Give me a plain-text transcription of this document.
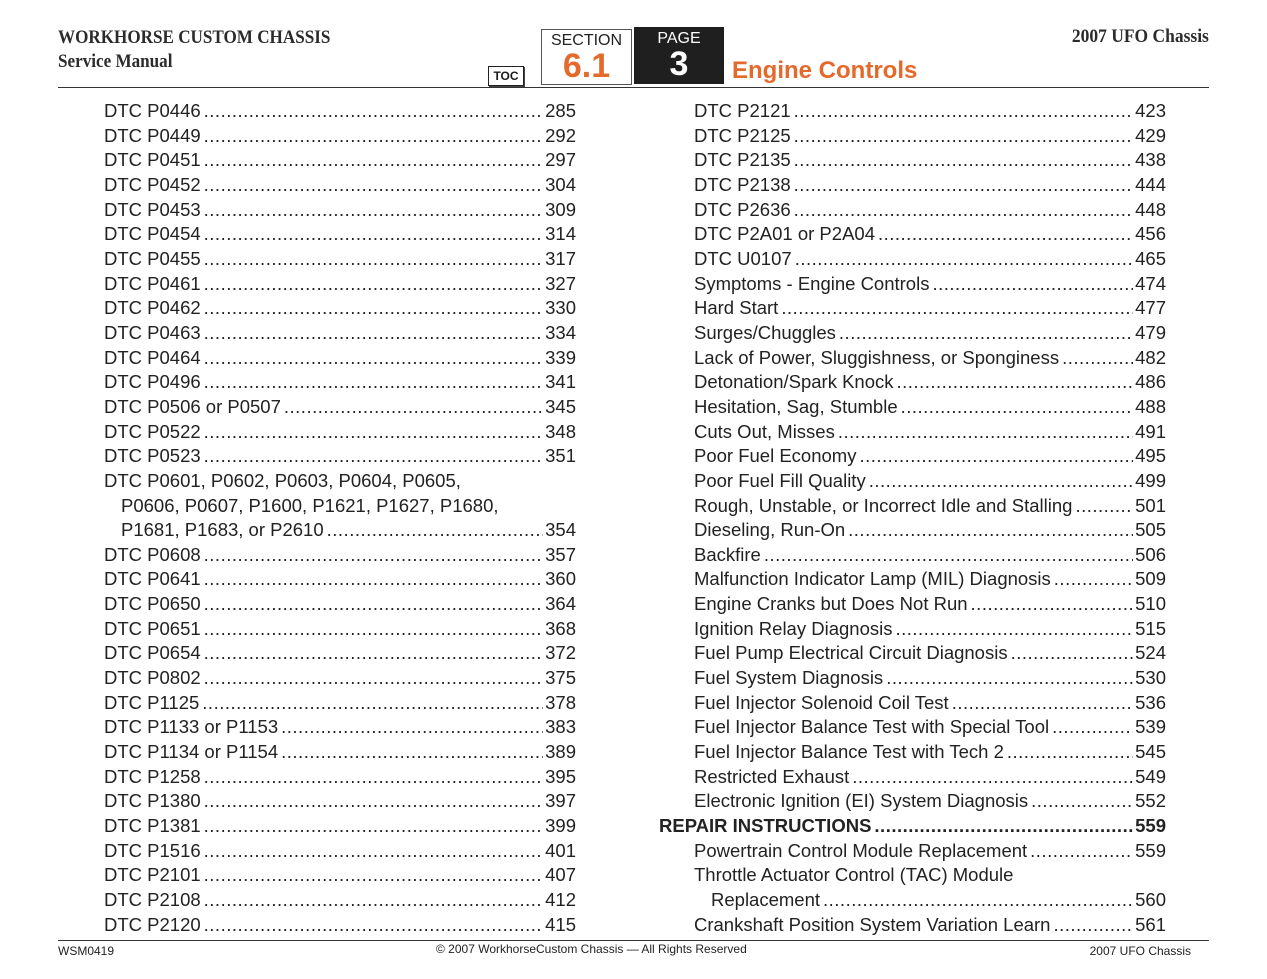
WORKHORSE CUSTOM CHASSIS
Service Manual
2007 UFO Chassis
TOC
SECTION
6.1
PAGE
3	Engine Controls
DTC P0446 .....	285
DTC P0449 .....	292
DTC P0451 .....	297
DTC P0452 .....	304
DTC P0453 .....	309
DTC P0454 .....	314
DTC P0455 .....	317
DTC P0461 .....	327
DTC P0462 .....	330
DTC P0463 .....	334
DTC P0464 .....	339
DTC P0496 .....	341
DTC P0506 or P0507 .....	345
DTC P0522 .....	348
DTC P0523 .....	351
DTC P0601, P0602, P0603, P0604, P0605,
P0606, P0607, P1600, P1621, P1627, P1680,
P1681, P1683, or P2610 .....	354
DTC P0608 .....	357
DTC P0641 .....	360
DTC P0650 .....	364
DTC P0651 .....	368
DTC P0654 .....	372
DTC P0802 .....	375
DTC P1125 .....	378
DTC P1133 or P1153 .....	383
DTC P1134 or P1154 .....	389
DTC P1258 .....	395
DTC P1380 .....	397
DTC P1381 .....	399
DTC P1516 .....	401
DTC P2101 .....	407
DTC P2108 .....	412
DTC P2120 .....	415
DTC P2121 .....	423
DTC P2125 .....	429
DTC P2135 .....	438
DTC P2138 .....	444
DTC P2636 .....	448
DTC P2A01 or P2A04 .....	456
DTC U0107 .....	465
Symptoms - Engine Controls .....	474
Hard Start .....	477
Surges/Chuggles .....	479
Lack of Power, Sluggishness, or Sponginess .....	482
Detonation/Spark Knock .....	486
Hesitation, Sag, Stumble .....	488
Cuts Out, Misses .....	491
Poor Fuel Economy .....	495
Poor Fuel Fill Quality .....	499
Rough, Unstable, or Incorrect Idle and Stalling .....	501
Dieseling, Run-On .....	505
Backfire .....	506
Malfunction Indicator Lamp (MIL) Diagnosis .....	509
Engine Cranks but Does Not Run .....	510
Ignition Relay Diagnosis .....	515
Fuel Pump Electrical Circuit Diagnosis .....	524
Fuel System Diagnosis .....	530
Fuel Injector Solenoid Coil Test .....	536
Fuel Injector Balance Test with Special Tool .....	539
Fuel Injector Balance Test with Tech 2 .....	545
Restricted Exhaust .....	549
Electronic Ignition (EI) System Diagnosis .....	552
REPAIR INSTRUCTIONS .....	559
Powertrain Control Module Replacement .....	559
Throttle Actuator Control (TAC) Module
Replacement .....	560
Crankshaft Position System Variation Learn .....	561
WSM0419	© 2007 WorkhorseCustom Chassis — All Rights Reserved	2007 UFO Chassis
